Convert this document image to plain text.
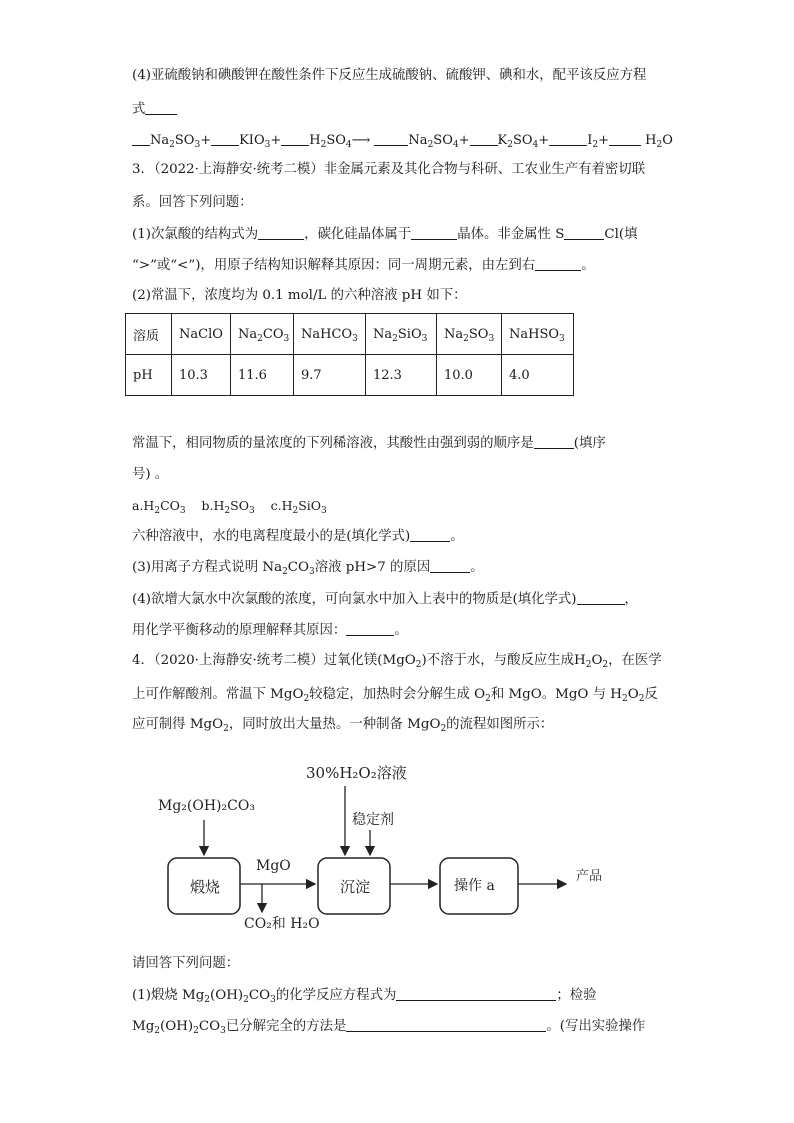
(4)亚硫酸钠和碘酸钾在酸性条件下反应生成硫酸钠、硫酸钾、碘和水，配平该反应方程
式
$Na_2SO_3+ KIO_3+$ $H_2SO_4⟶$	$Na_2SO_4+ K_2SO_4+$	$I_2+$	$H_2O$
3．（2022·上海静安·统考二模）非金属元素及其化合物与科研、工农业生产有着密切联
系。回答下列问题：
(1)次氯酸的结构式为	，碳化硅晶体属于	晶体。非金属性 S	Cl(填
“>”或“<”)，用原子结构知识解释其原因：同一周期元素，由左到右	。
(2)常温下，浓度均为 0.1 mol/L 的六种溶液 pH 如下：
溶质	NaClO	$Na_2CO_3$	NaHCO$_3$	$Na_2SiO_3$	$Na_2SO_3$	NaHSO$_3$
pH	10.3	11.6	9.7	12.3	10.0	4.0
常温下，相同物质的量浓度的下列稀溶液，其酸性由强到弱的顺序是	(填序
号) 。
$a.H_2CO_3$ $b.H_2SO_3$ $c.H_2SiO_3$
六种溶液中，水的电离程度最小的是(填化学式)	。
(3)用离子方程式说明 $Na_2CO_3$溶液 pH>7 的原因	。
(4)欲增大氯水中次氯酸的浓度，可向氯水中加入上表中的物质是(填化学式)	，
用化学平衡移动的原理解释其原因：	。
4．（2020·上海静安·统考二模）过氧化镁(MgO$_2$)不溶于水，与酸反应生成$H_2O_2$，在医学
上可作解酸剂。常温下 MgO$_2$较稳定，加热时会分解生成 $O_2$和 MgO。MgO 与 $H_2O_2$反
应可制得 MgO$_2$，同时放出大量热。一种制备 MgO$_2$的流程如图所示：
30%H₂O₂溶液
稳定剂
Mg₂(OH)₂CO₃
MgO
CO₂和 H₂O
产品
煅烧	沉淀	操作 a
请回答下列问题：
(1)煅烧 $Mg_2(OH)_2CO_3$的化学反应方程式为	；检验
$Mg_2(OH)_2CO_3$已分解完全的方法是	。(写出实验操作
